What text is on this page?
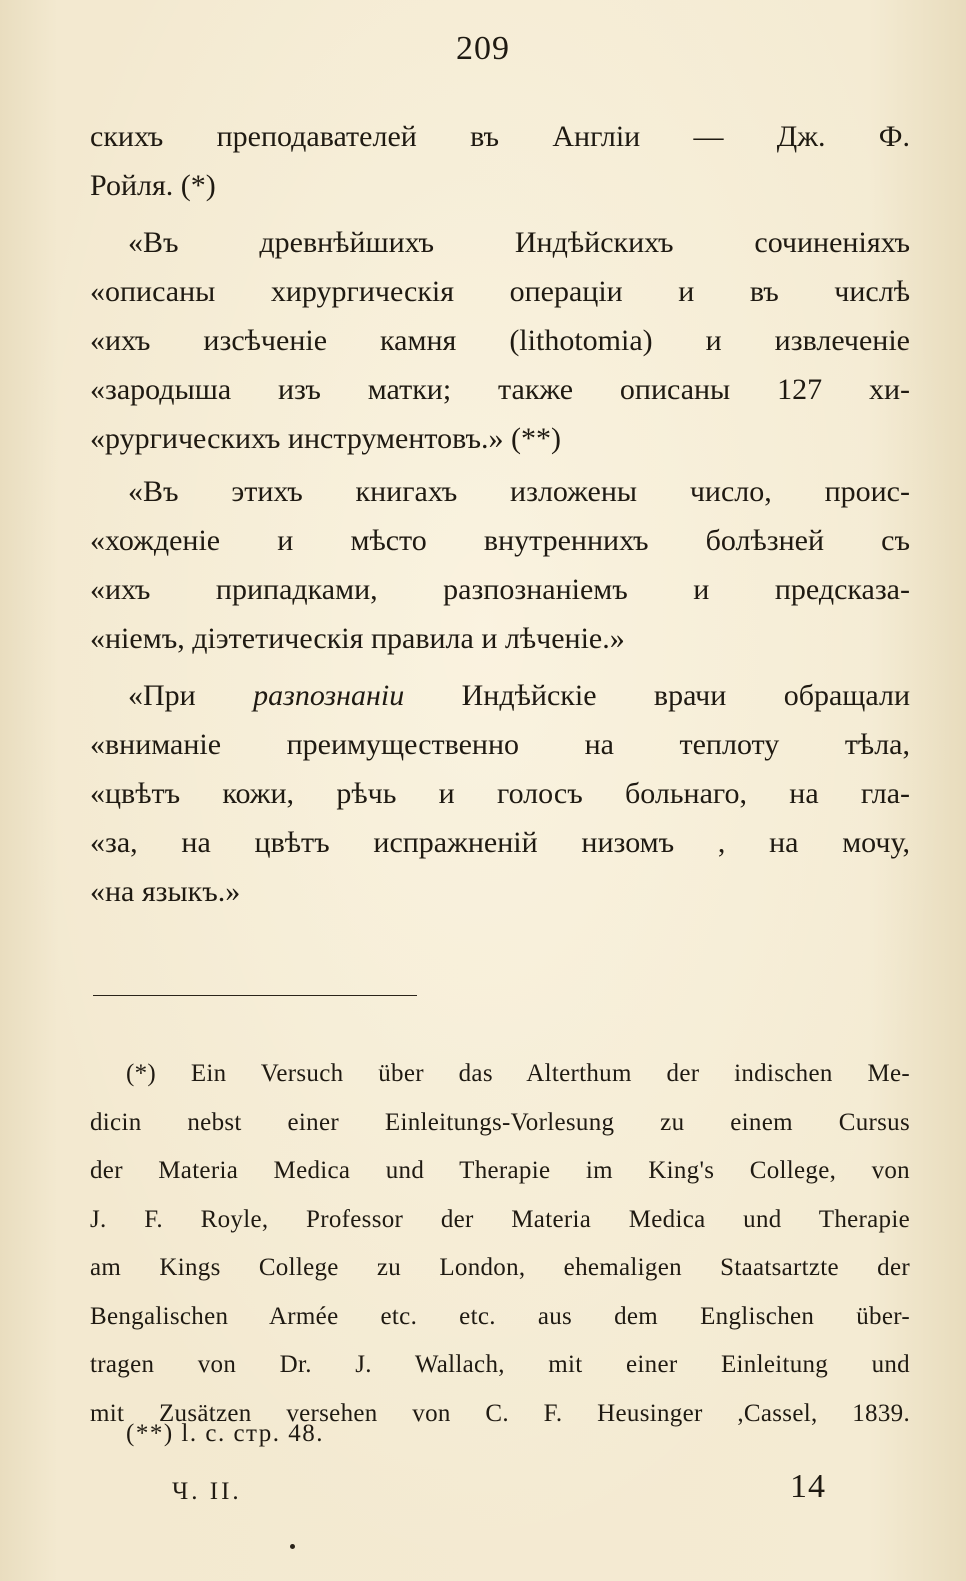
209
скихъ преподавателей въ Англіи — Дж. Ф.
Ройля. (*)
«Въ древнѣйшихъ Индѣйскихъ сочиненіяхъ
«описаны хирургическія операціи и въ числѣ
«ихъ изсѣченіе камня (lithotomia) и извлеченіе
«зародыша изъ матки; также описаны 127 хи-
«рургическихъ инструментовъ.» (**)
«Въ этихъ книгахъ изложены число, проис-
«хожденіе и мѣсто внутреннихъ болѣзней съ
«ихъ припадками, разпознаніемъ и предсказа-
«ніемъ, діэтетическія правила и лѣченіе.»
«При разпознаніи Индѣйскіе врачи обращали
«вниманіе преимущественно на теплоту тѣла,
«цвѣтъ кожи, рѣчь и голосъ больнаго, на гла-
«за, на цвѣтъ испражненій низомъ , на мочу,
«на языкъ.»
(*) Ein Versuch über das Alterthum der indischen Me-
dicin nebst einer Einleitungs-Vorlesung zu einem Cursus
der Materia Medica und Therapie im King's College, von
J. F. Royle, Professor der Materia Medica und Therapie
am Kings College zu London, ehemaligen Staatsartzte der
Bengalischen Armée etc. etc. aus dem Englischen über-
tragen von Dr. J. Wallach, mit einer Einleitung und
mit Zusätzen versehen von C. F. Heusinger ,Cassel, 1839.
(**) l. c. стр. 48.
Ч. II.	14
